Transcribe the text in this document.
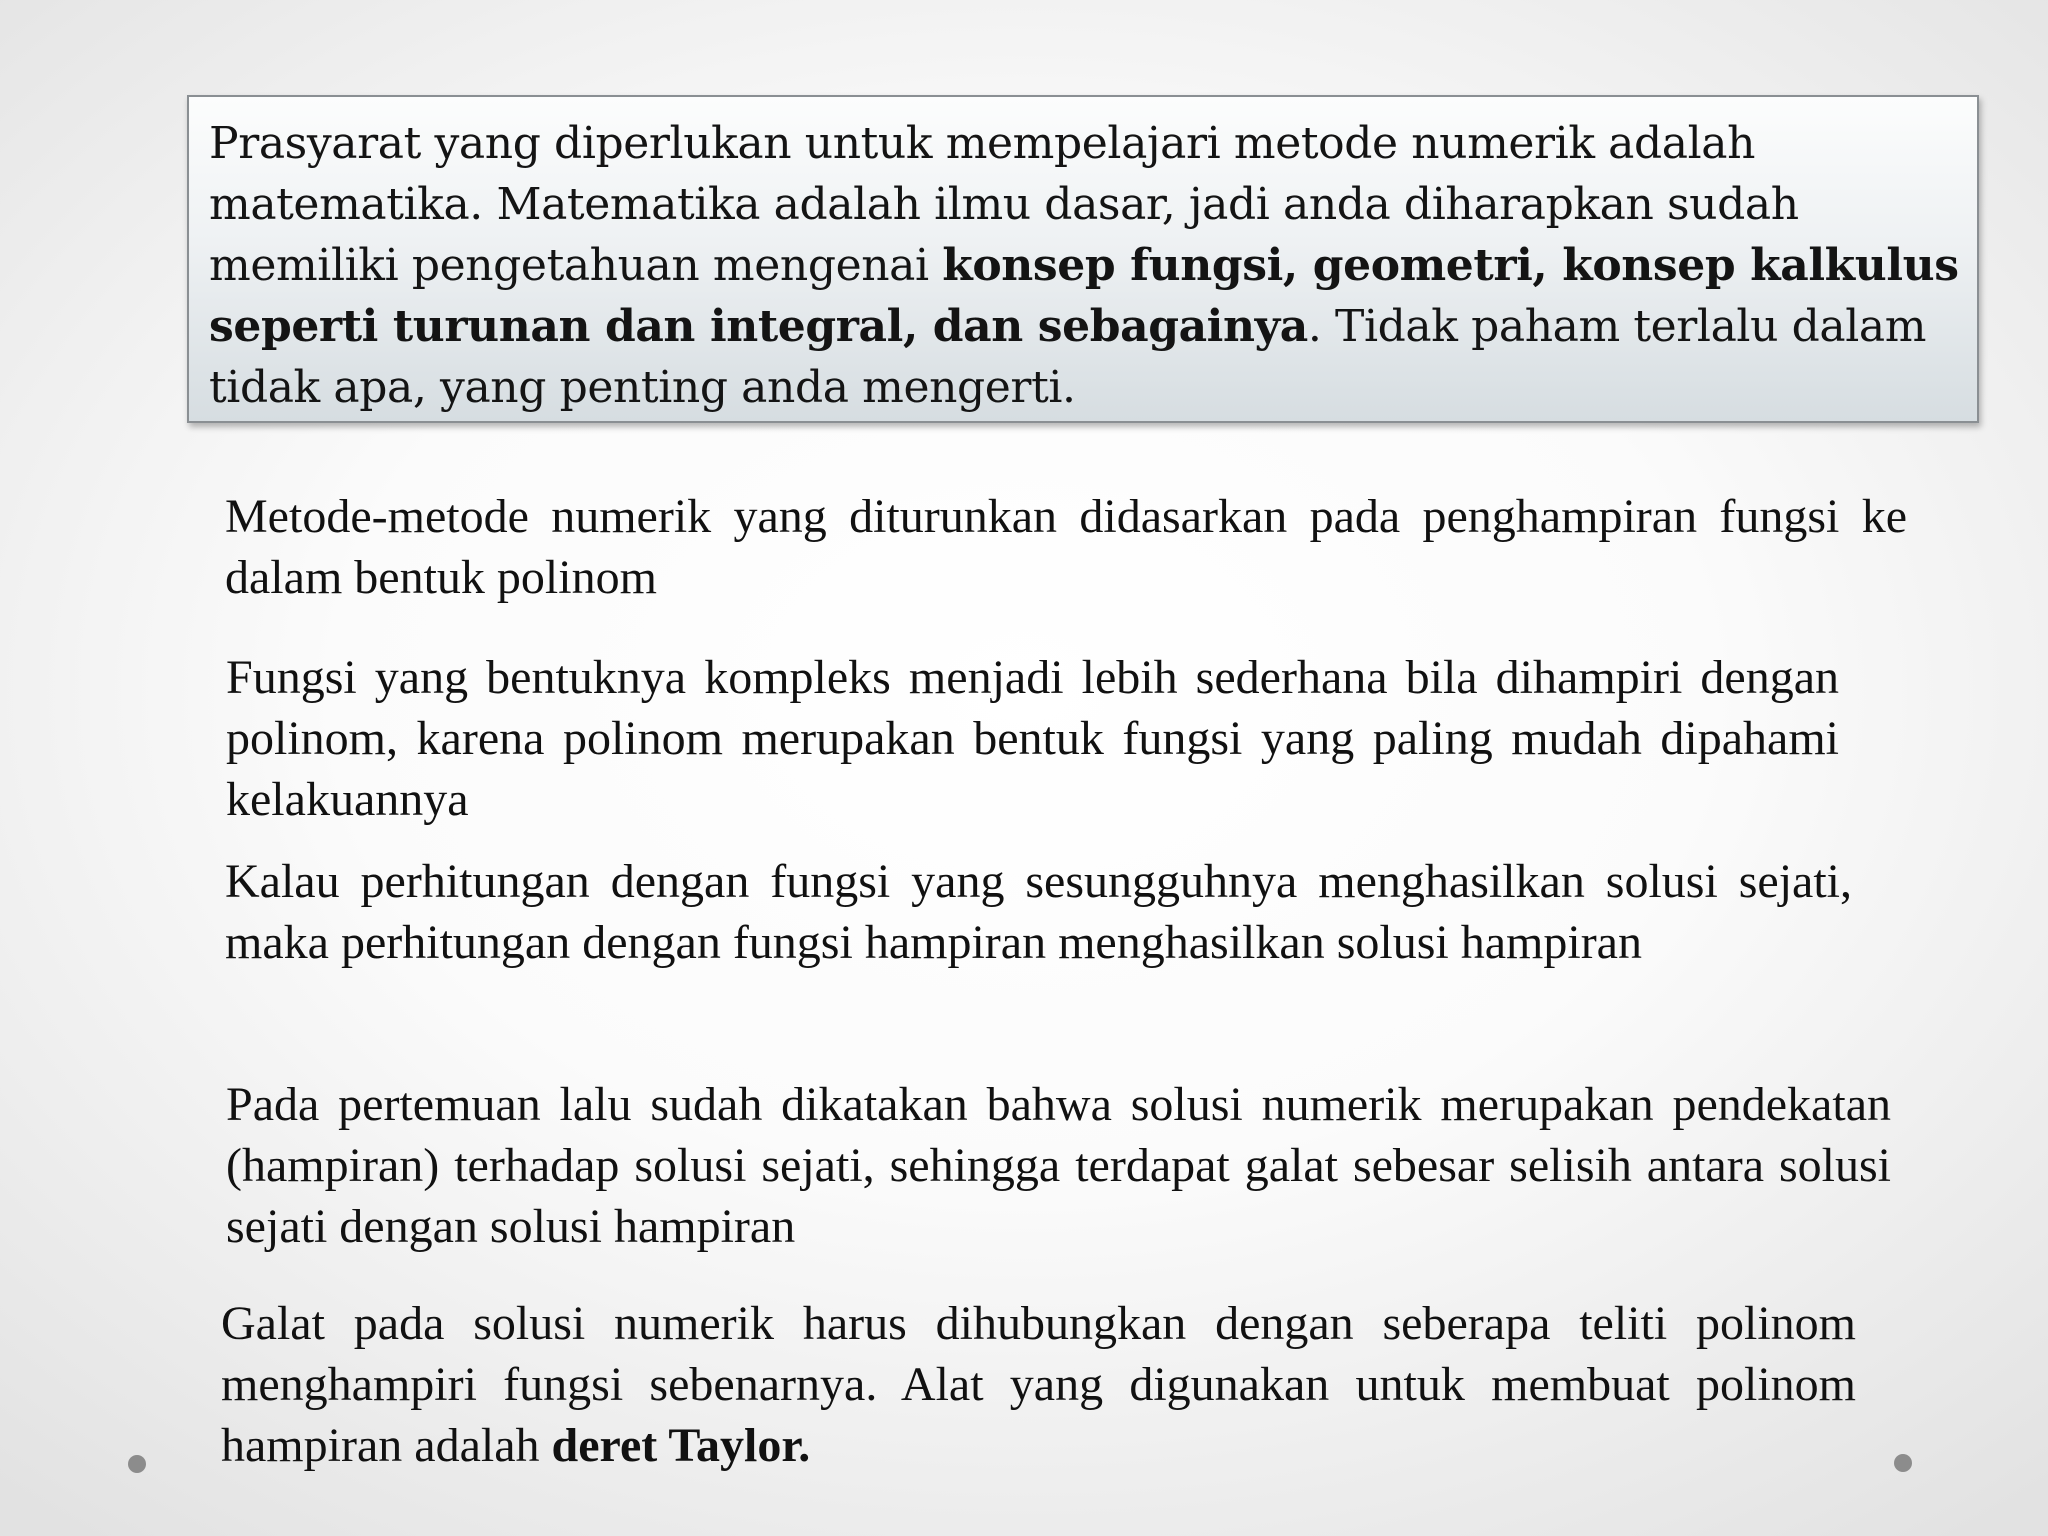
Prasyarat yang diperlukan untuk mempelajari metode numerik adalah matematika. Matematika adalah ilmu dasar, jadi anda diharapkan sudah memiliki pengetahuan mengenai konsep fungsi, geometri, konsep kalkulus seperti turunan dan integral, dan sebagainya. Tidak paham terlalu dalam tidak apa, yang penting anda mengerti.
Metode-metode numerik yang diturunkan didasarkan pada penghampiran fungsi ke dalam bentuk polinom
Fungsi yang bentuknya kompleks menjadi lebih sederhana bila dihampiri dengan polinom, karena polinom merupakan bentuk fungsi yang paling mudah dipahami kelakuannya
Kalau perhitungan dengan fungsi yang sesungguhnya menghasilkan solusi sejati, maka perhitungan dengan fungsi hampiran menghasilkan solusi hampiran
Pada pertemuan lalu sudah dikatakan bahwa solusi numerik merupakan pendekatan (hampiran) terhadap solusi sejati, sehingga terdapat galat sebesar selisih antara solusi sejati dengan solusi hampiran
Galat pada solusi numerik harus dihubungkan dengan seberapa teliti polinom menghampiri fungsi sebenarnya. Alat yang digunakan untuk membuat polinom hampiran adalah deret Taylor.
